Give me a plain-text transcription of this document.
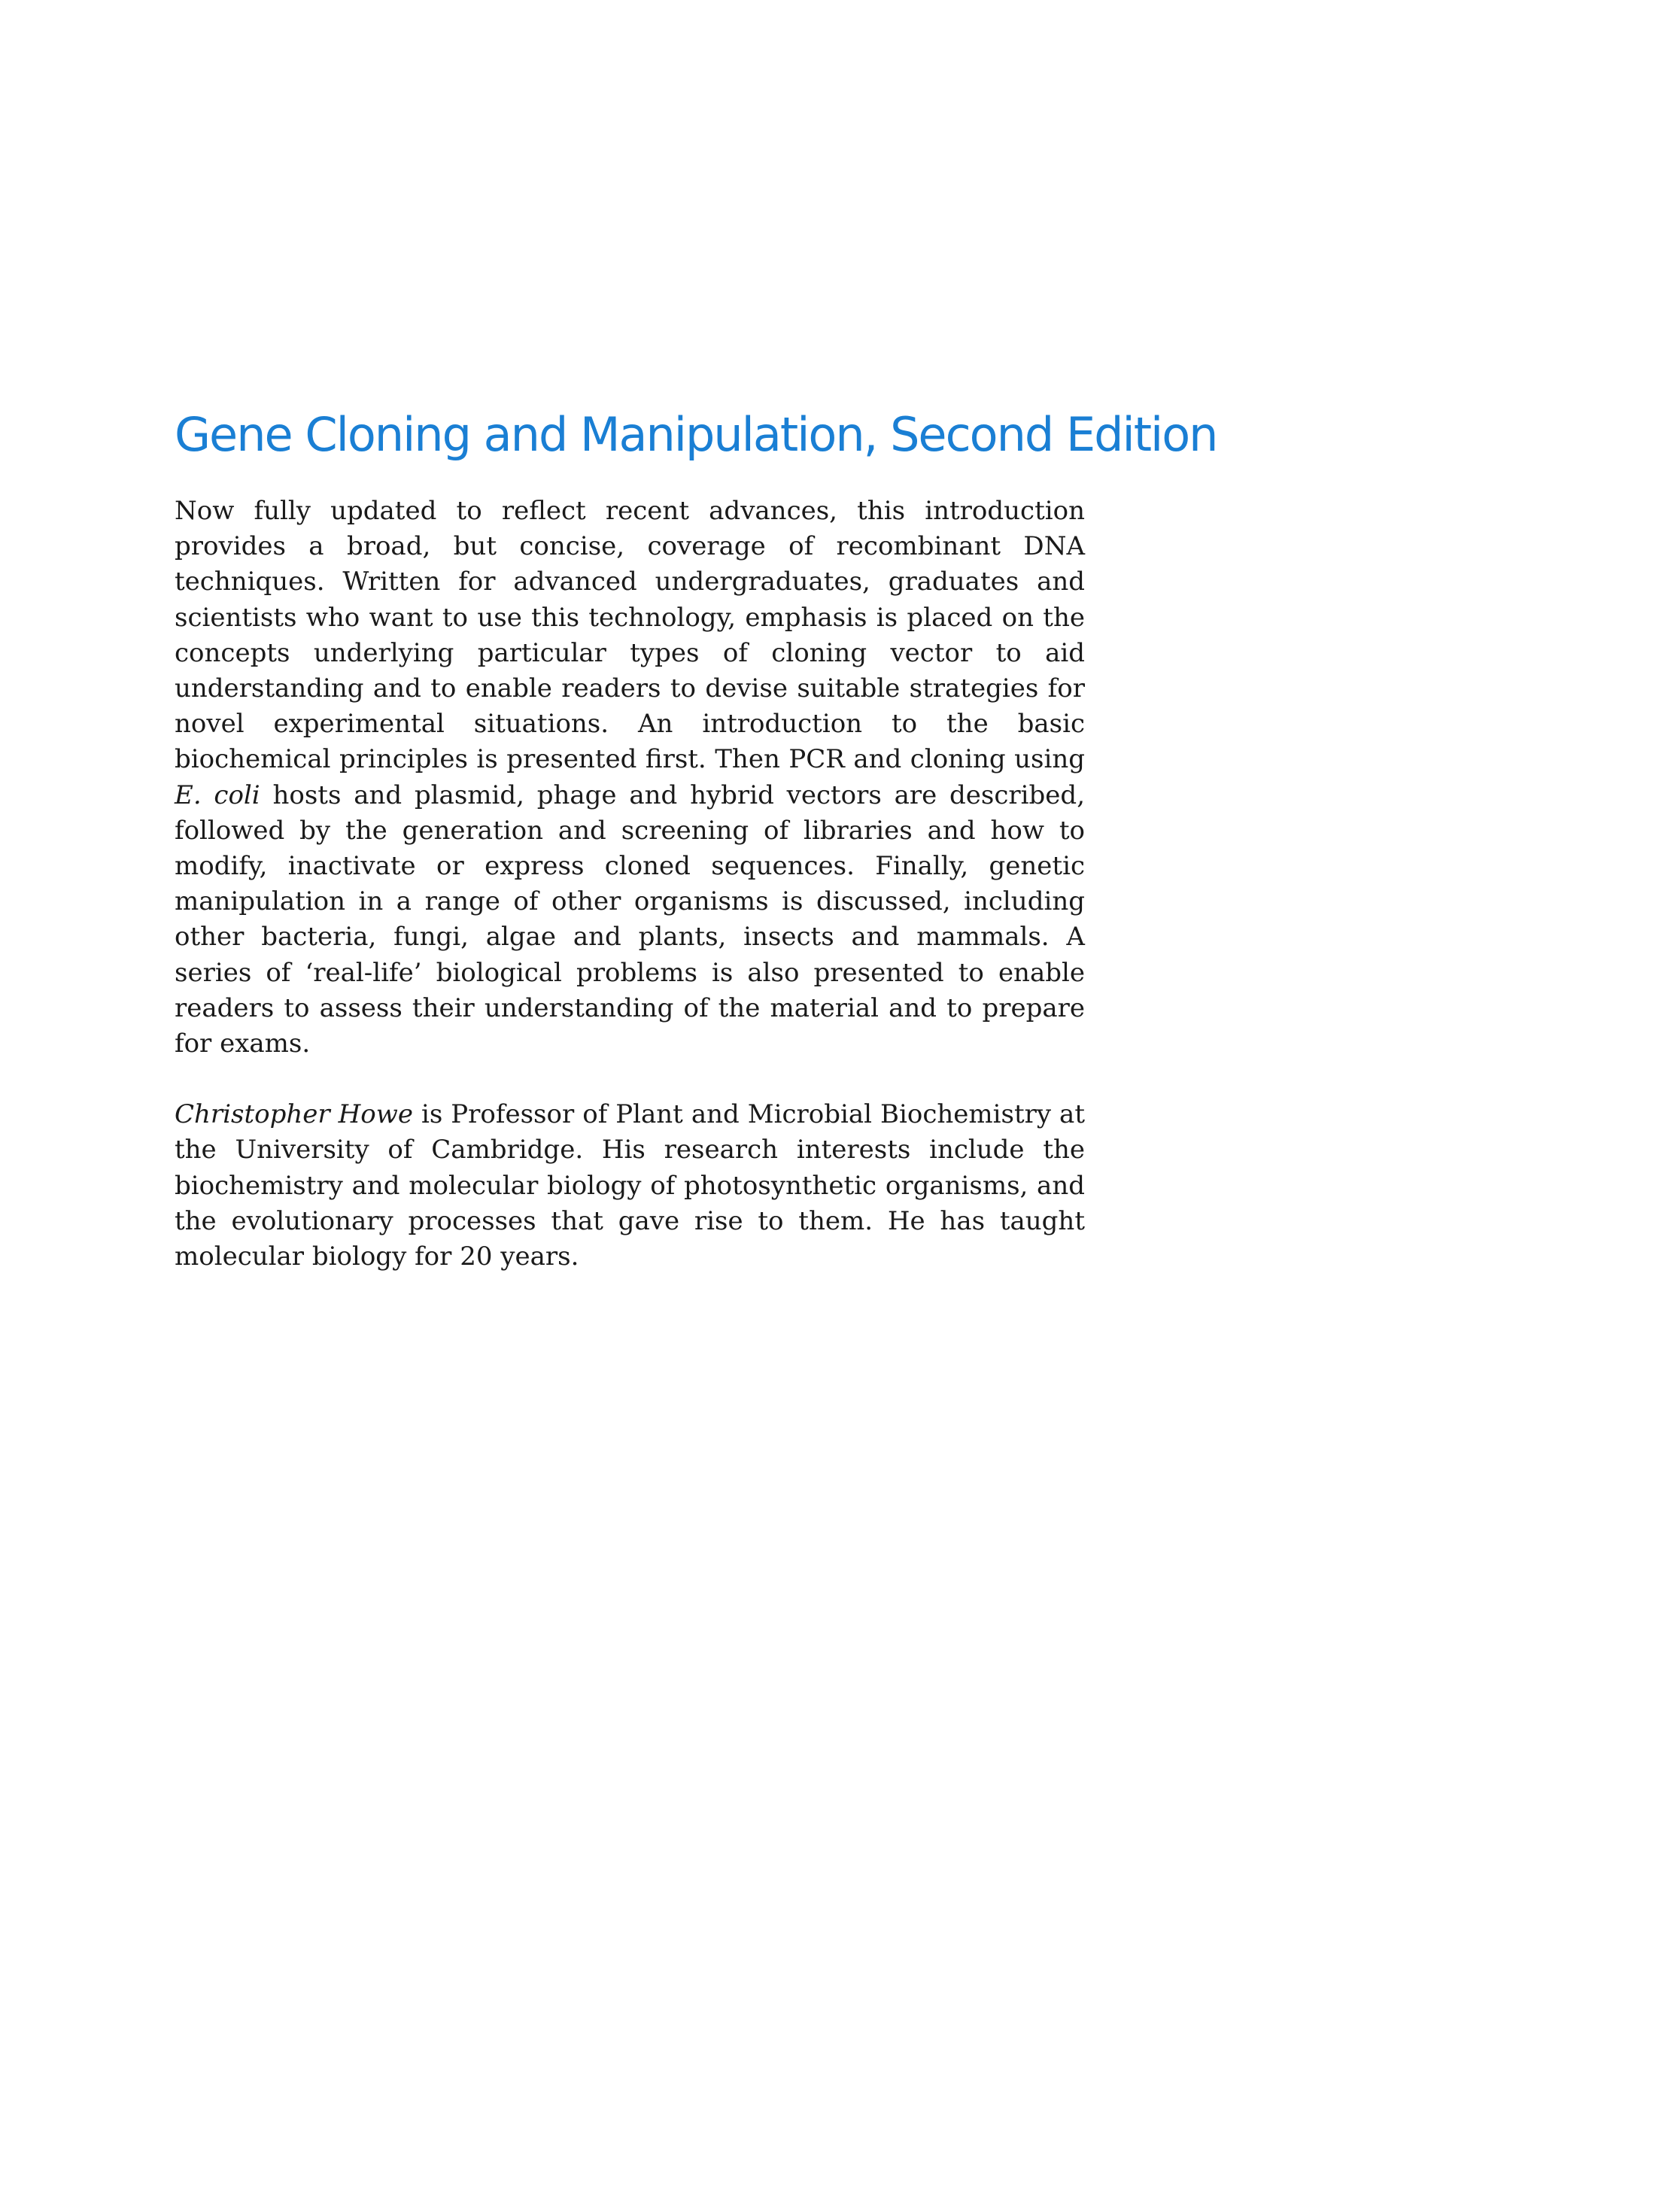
Gene Cloning and Manipulation, Second Edition

Now fully updated to reflect recent advances, this introduction provides a broad, but concise, coverage of recombinant DNA techniques. Written for advanced undergraduates, graduates and scientists who want to use this technology, emphasis is placed on the concepts underlying particular types of cloning vector to aid understanding and to enable readers to devise suitable strategies for novel experimental situations. An introduction to the basic biochemical principles is presented first. Then PCR and cloning using E. coli hosts and plasmid, phage and hybrid vectors are described, followed by the generation and screening of libraries and how to modify, inactivate or express cloned sequences. Finally, genetic manipulation in a range of other organisms is discussed, including other bacteria, fungi, algae and plants, insects and mammals. A series of ‘real-life’ biological problems is also presented to enable readers to assess their understanding of the material and to prepare for exams.

Christopher Howe is Professor of Plant and Microbial Biochemistry at the University of Cambridge. His research interests include the biochemistry and molecular biology of photosynthetic organisms, and the evolutionary processes that gave rise to them. He has taught molecular biology for 20 years.
